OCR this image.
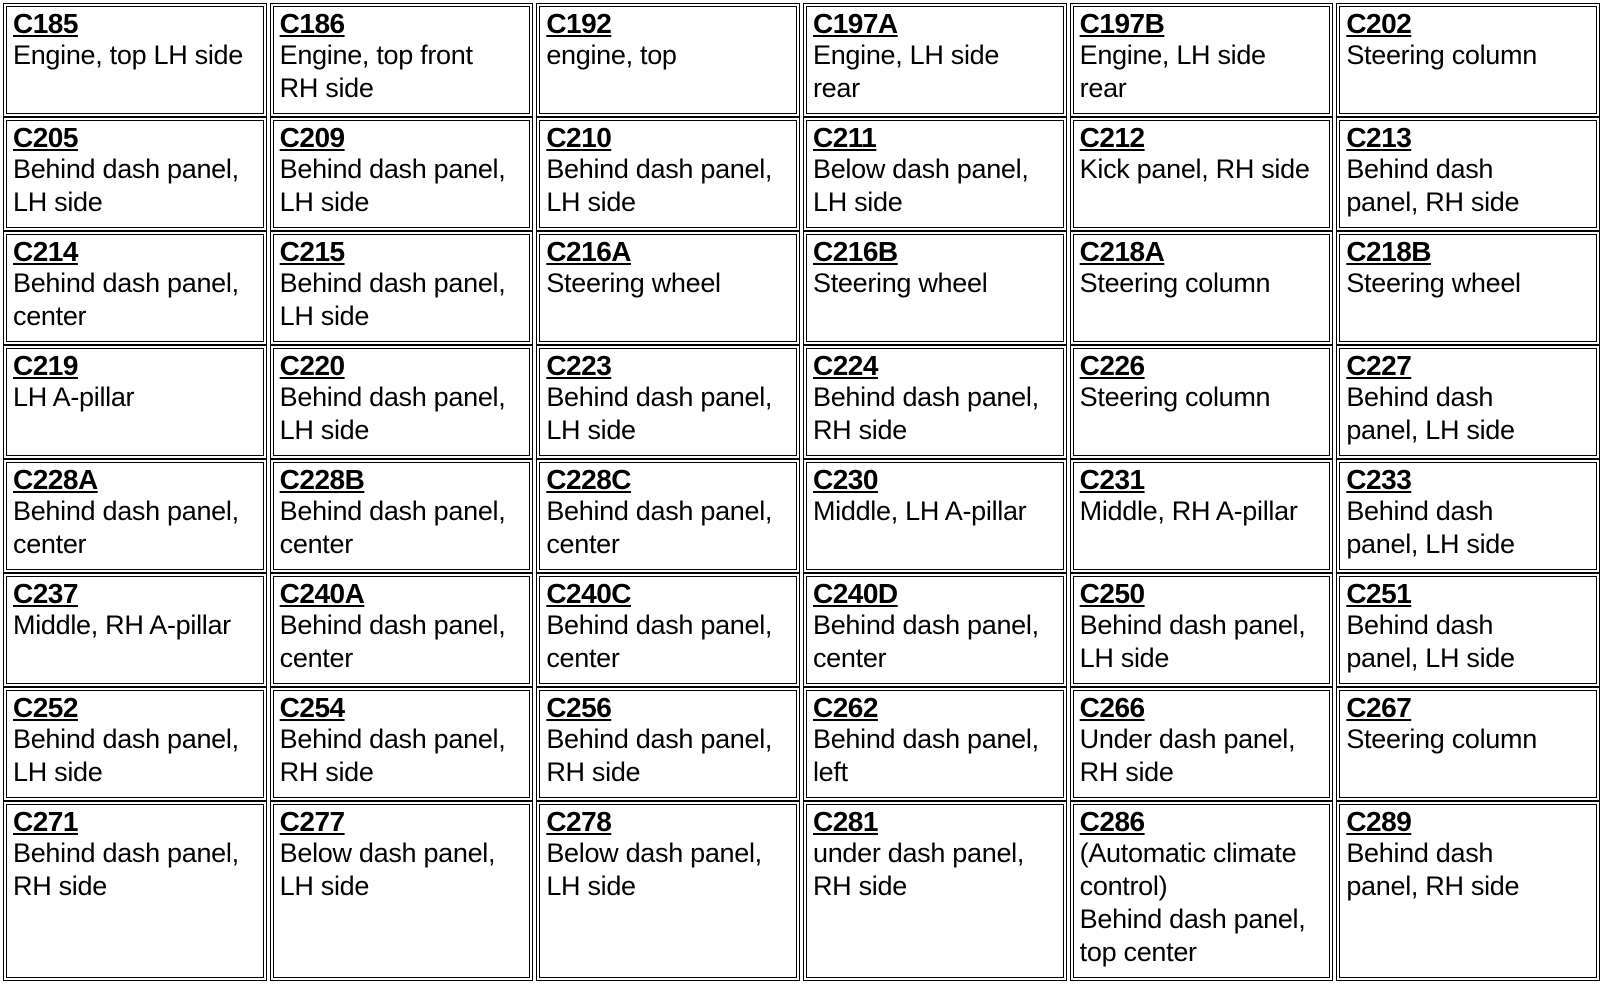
C185
Engine, top LH side
C186
Engine, top front
RH side
C192
engine, top
C197A
Engine, LH side
rear
C197B
Engine, LH side
rear
C202
Steering column
C205
Behind dash panel,
LH side
C209
Behind dash panel,
LH side
C210
Behind dash panel,
LH side
C211
Below dash panel,
LH side
C212
Kick panel, RH side
C213
Behind dash
panel, RH side
C214
Behind dash panel,
center
C215
Behind dash panel,
LH side
C216A
Steering wheel
C216B
Steering wheel
C218A
Steering column
C218B
Steering wheel
C219
LH A-pillar
C220
Behind dash panel,
LH side
C223
Behind dash panel,
LH side
C224
Behind dash panel,
RH side
C226
Steering column
C227
Behind dash
panel, LH side
C228A
Behind dash panel,
center
C228B
Behind dash panel,
center
C228C
Behind dash panel,
center
C230
Middle, LH A-pillar
C231
Middle, RH A-pillar
C233
Behind dash
panel, LH side
C237
Middle, RH A-pillar
C240A
Behind dash panel,
center
C240C
Behind dash panel,
center
C240D
Behind dash panel,
center
C250
Behind dash panel,
LH side
C251
Behind dash
panel, LH side
C252
Behind dash panel,
LH side
C254
Behind dash panel,
RH side
C256
Behind dash panel,
RH side
C262
Behind dash panel,
left
C266
Under dash panel,
RH side
C267
Steering column
C271
Behind dash panel,
RH side
C277
Below dash panel,
LH side
C278
Below dash panel,
LH side
C281
under dash panel,
RH side
C286
(Automatic climate
control)
Behind dash panel,
top center
C289
Behind dash
panel, RH side
